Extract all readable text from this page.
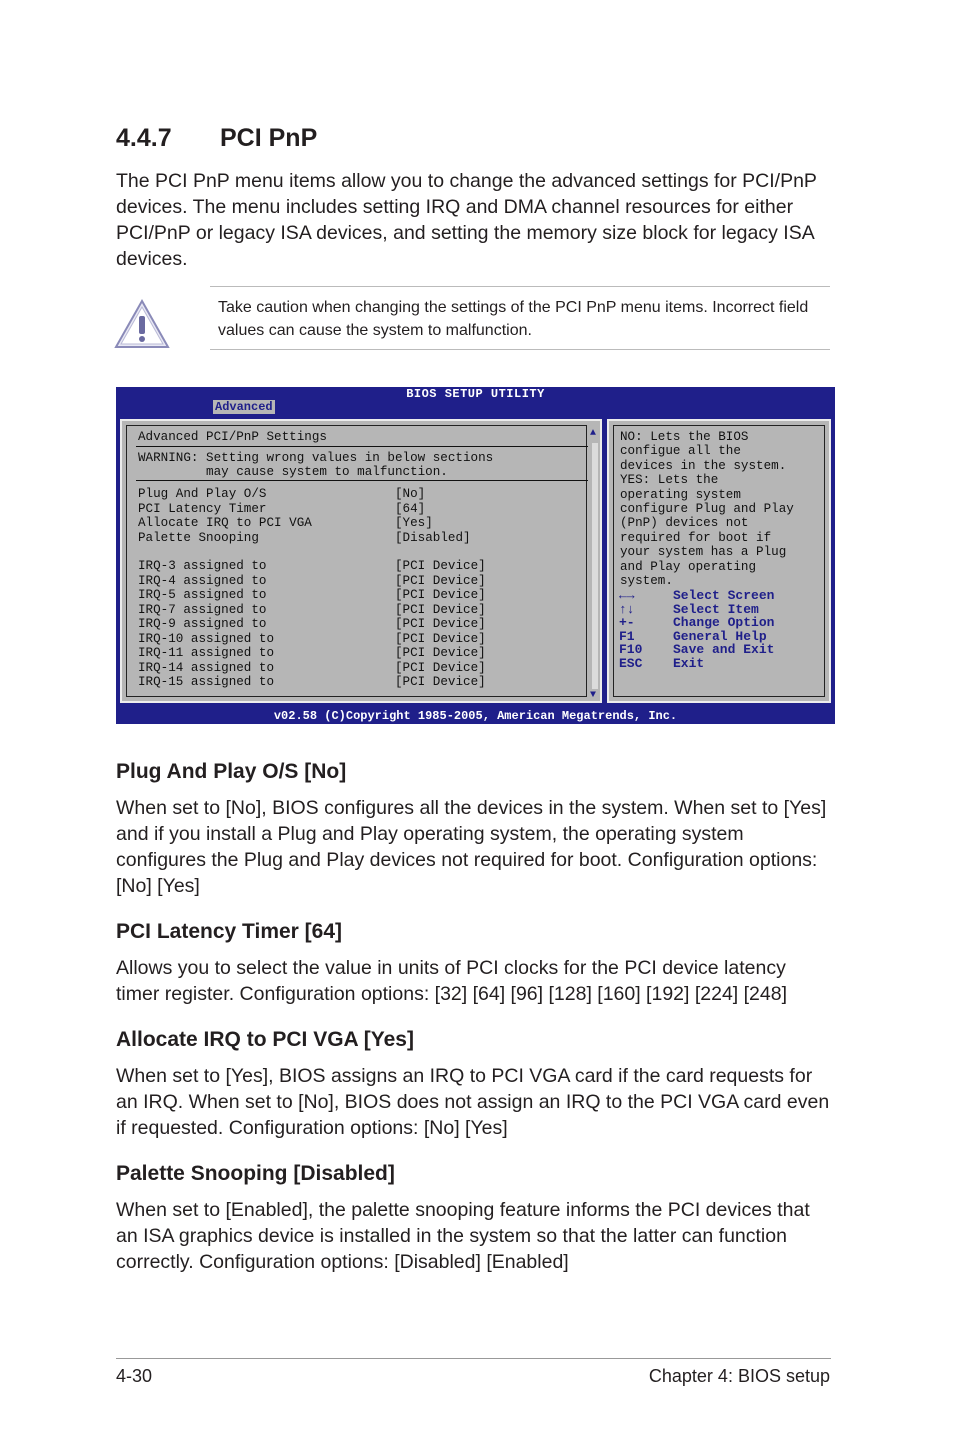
4.4.7 PCI PnP

The PCI PnP menu items allow you to change the advanced settings for PCI/PnP devices. The menu includes setting IRQ and DMA channel resources for either PCI/PnP or legacy ISA devices, and setting the memory size block for legacy ISA devices.

Take caution when changing the settings of the PCI PnP menu items. Incorrect field values can cause the system to malfunction.

BIOS SETUP UTILITY
Advanced
Advanced PCI/PnP Settings
WARNING: Setting wrong values in below sections
may cause system to malfunction.
Plug And Play O/S	[No]
PCI Latency Timer	[64]
Allocate IRQ to PCI VGA	[Yes]
Palette Snooping	[Disabled]
IRQ-3 assigned to	[PCI Device]
IRQ-4 assigned to	[PCI Device]
IRQ-5 assigned to	[PCI Device]
IRQ-7 assigned to	[PCI Device]
IRQ-9 assigned to	[PCI Device]
IRQ-10 assigned to	[PCI Device]
IRQ-11 assigned to	[PCI Device]
IRQ-14 assigned to	[PCI Device]
IRQ-15 assigned to	[PCI Device]
▲
▼
NO: Lets the BIOS
configue all the
devices in the system.
YES: Lets the
operating system
configure Plug and Play
(PnP) devices not
required for boot if
your system has a Plug
and Play operating
system.
←→	Select Screen
↑↓	Select Item
+-	Change Option
F1	General Help
F10 Save and Exit
ESC Exit
v02.58 (C)Copyright 1985-2005, American Megatrends, Inc.
Plug And Play O/S [No]

When set to [No], BIOS configures all the devices in the system. When set to [Yes] and if you install a Plug and Play operating system, the operating system configures the Plug and Play devices not required for boot. Configuration options: [No] [Yes]

PCI Latency Timer [64]

Allows you to select the value in units of PCI clocks for the PCI device latency timer register. Configuration options: [32] [64] [96] [128] [160] [192] [224] [248]

Allocate IRQ to PCI VGA [Yes]

When set to [Yes], BIOS assigns an IRQ to PCI VGA card if the card requests for an IRQ. When set to [No], BIOS does not assign an IRQ to the PCI VGA card even if requested. Configuration options: [No] [Yes]

Palette Snooping [Disabled]

When set to [Enabled], the palette snooping feature informs the PCI devices that an ISA graphics device is installed in the system so that the latter can function correctly. Configuration options: [Disabled] [Enabled]

4-30	Chapter 4: BIOS setup
